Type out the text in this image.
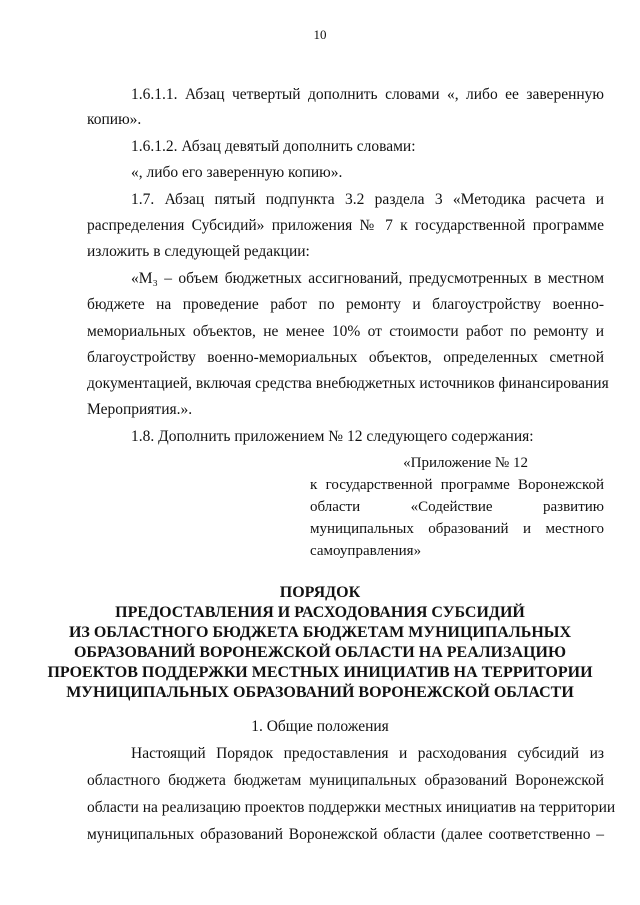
10
1.6.1.1. Абзац четвертый дополнить словами «, либо ее заверенную
копию».
1.6.1.2. Абзац девятый дополнить словами:
«, либо его заверенную копию».
1.7. Абзац пятый подпункта 3.2 раздела 3 «Методика расчета и
распределения Субсидий» приложения № 7 к государственной программе
изложить в следующей редакции:
«M₃ – объем бюджетных ассигнований, предусмотренных в местном
бюджете на проведение работ по ремонту и благоустройству военно-
мемориальных объектов, не менее 10% от стоимости работ по ремонту и
благоустройству военно-мемориальных объектов, определенных сметной
документацией, включая средства внебюджетных источников финансирования
Мероприятия.».
1.8. Дополнить приложением № 12 следующего содержания:
«Приложение № 12
к государственной программе Воронежской
области «Содействие развитию
муниципальных образований и местного
самоуправления»
ПОРЯДОК
ПРЕДОСТАВЛЕНИЯ И РАСХОДОВАНИЯ СУБСИДИЙ
ИЗ ОБЛАСТНОГО БЮДЖЕТА БЮДЖЕТАМ МУНИЦИПАЛЬНЫХ
ОБРАЗОВАНИЙ ВОРОНЕЖСКОЙ ОБЛАСТИ НА РЕАЛИЗАЦИЮ
ПРОЕКТОВ ПОДДЕРЖКИ МЕСТНЫХ ИНИЦИАТИВ НА ТЕРРИТОРИИ
МУНИЦИПАЛЬНЫХ ОБРАЗОВАНИЙ ВОРОНЕЖСКОЙ ОБЛАСТИ
1. Общие положения
Настоящий Порядок предоставления и расходования субсидий из
областного бюджета бюджетам муниципальных образований Воронежской
области на реализацию проектов поддержки местных инициатив на территории
муниципальных образований Воронежской области (далее соответственно –
